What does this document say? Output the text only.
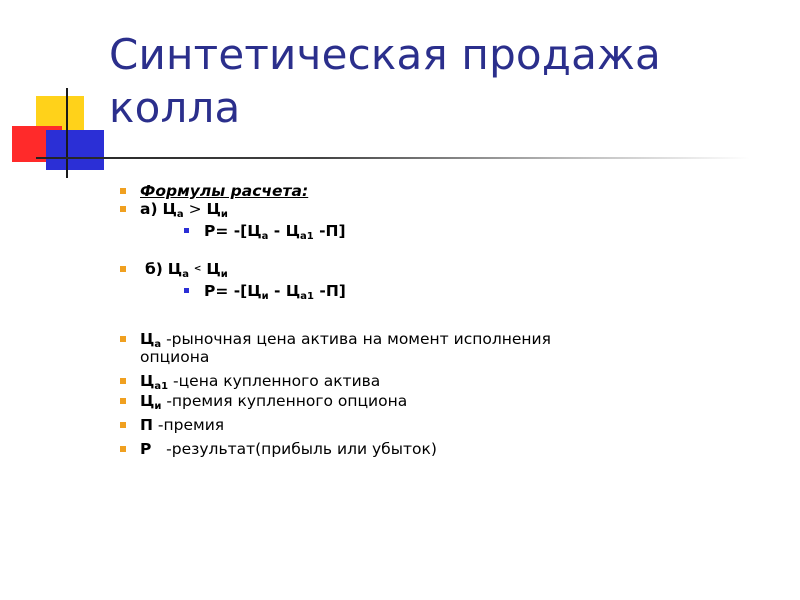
Синтетическая продажа
колла
Формулы расчета:
а) $Ц_а > Ц_и$
$Р= -[Ц_а - Ц_{а1}$ -П]
б) $Ц_а$ < $Ц_и$
$Р= -[Ц_и - Ц_{а1}$ -П]
$Ц_а$ -рыночная цена актива на момент исполнения опциона
$Ц_{а1}$ -цена купленного актива
$Ц_и$ -премия купленного опциона
П -премия
Р   -результат(прибыль или убыток)
